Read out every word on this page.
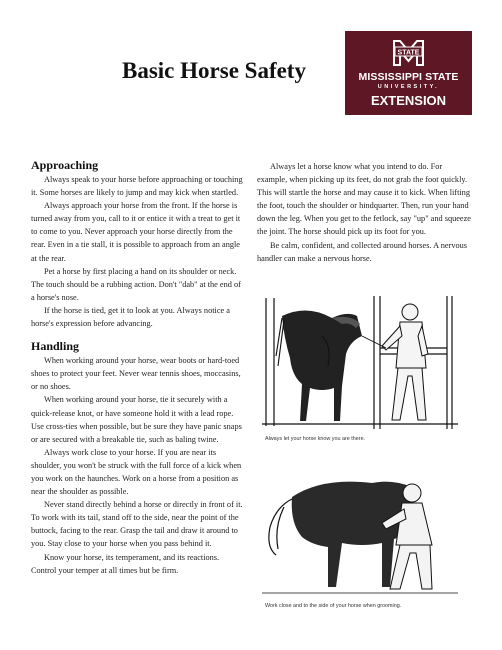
Basic Horse Safety
STATE
MISSISSIPPI STATE
UNIVERSITY.
EXTENSION
Approaching

Always speak to your horse before approaching or touching it. Some horses are likely to jump and may kick when startled.

Always approach your horse from the front. If the horse is turned away from you, call to it or entice it with a treat to get it to come to you. Never approach your horse directly from the rear. Even in a tie stall, it is possible to approach from an angle at the rear.

Pet a horse by first placing a hand on its shoulder or neck. The touch should be a rubbing action. Don't "dab" at the end of a horse's nose.

If the horse is tied, get it to look at you. Always notice a horse's expression before advancing.

Handling

When working around your horse, wear boots or hard-toed shoes to protect your feet. Never wear tennis shoes, moccasins, or no shoes.

When working around your horse, tie it securely with a quick-release knot, or have someone hold it with a lead rope. Use cross-ties when possible, but be sure they have panic snaps or are secured with a breakable tie, such as baling twine.

Always work close to your horse. If you are near its shoulder, you won't be struck with the full force of a kick when you work on the haunches. Work on a horse from a position as near the shoulder as possible.

Never stand directly behind a horse or directly in front of it. To work with its tail, stand off to the side, near the point of the buttock, facing to the rear. Grasp the tail and draw it around to you. Stay close to your horse when you pass behind it.

Know your horse, its temperament, and its reactions. Control your temper at all times but be firm.

Always let a horse know what you intend to do. For example, when picking up its feet, do not grab the foot quickly. This will startle the horse and may cause it to kick. When lifting the foot, touch the shoulder or hindquarter. Then, run your hand down the leg. When you get to the fetlock, say "up" and squeeze the joint. The horse should pick up its foot for you.

Be calm, confident, and collected around horses. A nervous handler can make a nervous horse.

Always let your horse know you are there.
Work close and to the side of your horse when grooming.
